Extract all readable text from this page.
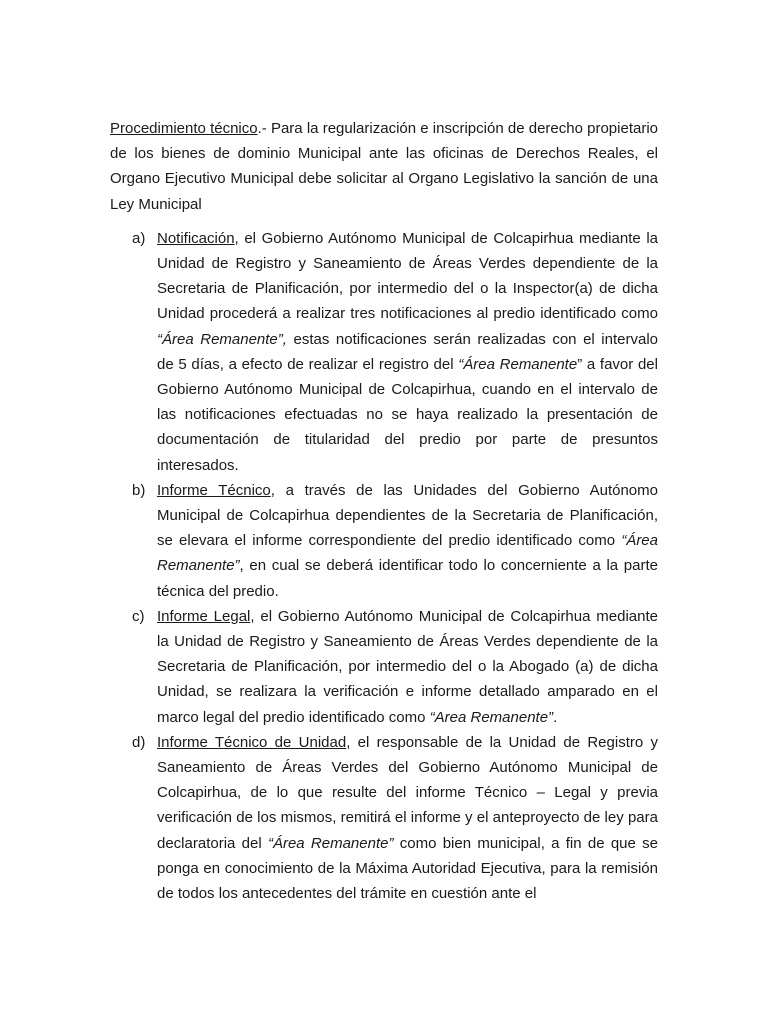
Procedimiento técnico.- Para la regularización e inscripción de derecho propietario de los bienes de dominio Municipal ante las oficinas de Derechos Reales, el Organo Ejecutivo Municipal debe solicitar al Organo Legislativo la sanción de una Ley Municipal

a) Notificación, el Gobierno Autónomo Municipal de Colcapirhua mediante la Unidad de Registro y Saneamiento de Áreas Verdes dependiente de la Secretaria de Planificación, por intermedio del o la Inspector(a) de dicha Unidad procederá a realizar tres notificaciones al predio identificado como “Área Remanente”, estas notificaciones serán realizadas con el intervalo de 5 días, a efecto de realizar el registro del “Área Remanente” a favor del Gobierno Autónomo Municipal de Colcapirhua, cuando en el intervalo de las notificaciones efectuadas no se haya realizado la presentación de documentación de titularidad del predio por parte de presuntos interesados.

b) Informe Técnico, a través de las Unidades del Gobierno Autónomo Municipal de Colcapirhua dependientes de la Secretaria de Planificación, se elevara el informe correspondiente del predio identificado como “Área Remanente”, en cual se deberá identificar todo lo concerniente a la parte técnica del predio.

c) Informe Legal, el Gobierno Autónomo Municipal de Colcapirhua mediante la Unidad de Registro y Saneamiento de Áreas Verdes dependiente de la Secretaria de Planificación, por intermedio del o la Abogado (a) de dicha Unidad, se realizara la verificación e informe detallado amparado en el marco legal del predio identificado como “Area Remanente”.

d) Informe Técnico de Unidad, el responsable de la Unidad de Registro y Saneamiento de Áreas Verdes del Gobierno Autónomo Municipal de Colcapirhua, de lo que resulte del informe Técnico – Legal y previa verificación de los mismos, remitirá el informe y el anteproyecto de ley para declaratoria del “Área Remanente” como bien municipal, a fin de que se ponga en conocimiento de la Máxima Autoridad Ejecutiva, para la remisión de todos los antecedentes del trámite en cuestión ante el
